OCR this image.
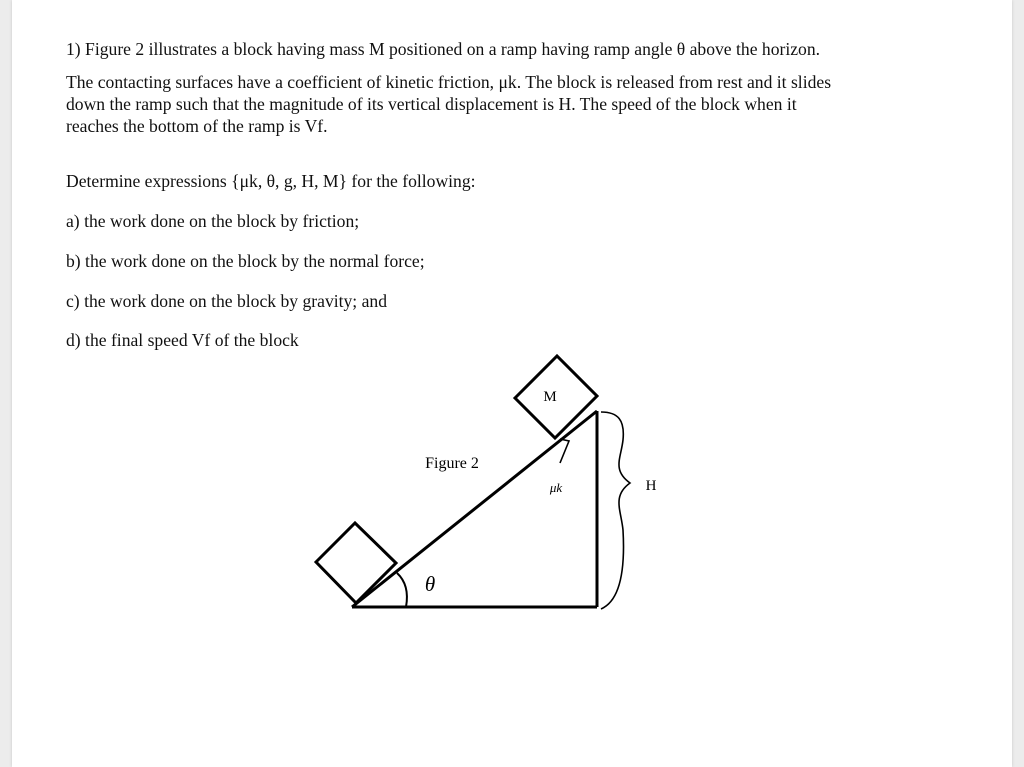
1) Figure 2 illustrates a block having mass M positioned on a ramp having ramp angle θ above the horizon.
The contacting surfaces have a coefficient of kinetic friction, μk. The block is released from rest and it slides
down the ramp such that the magnitude of its vertical displacement is H. The speed of the block when it
reaches the bottom of the ramp is Vf.

Determine expressions {μk, θ, g, H, M} for the following:

a) the work done on the block by friction;

b) the work done on the block by the normal force;

c) the work done on the block by gravity; and

d) the final speed Vf of the block

M
θ
Figure 2
μk	H
